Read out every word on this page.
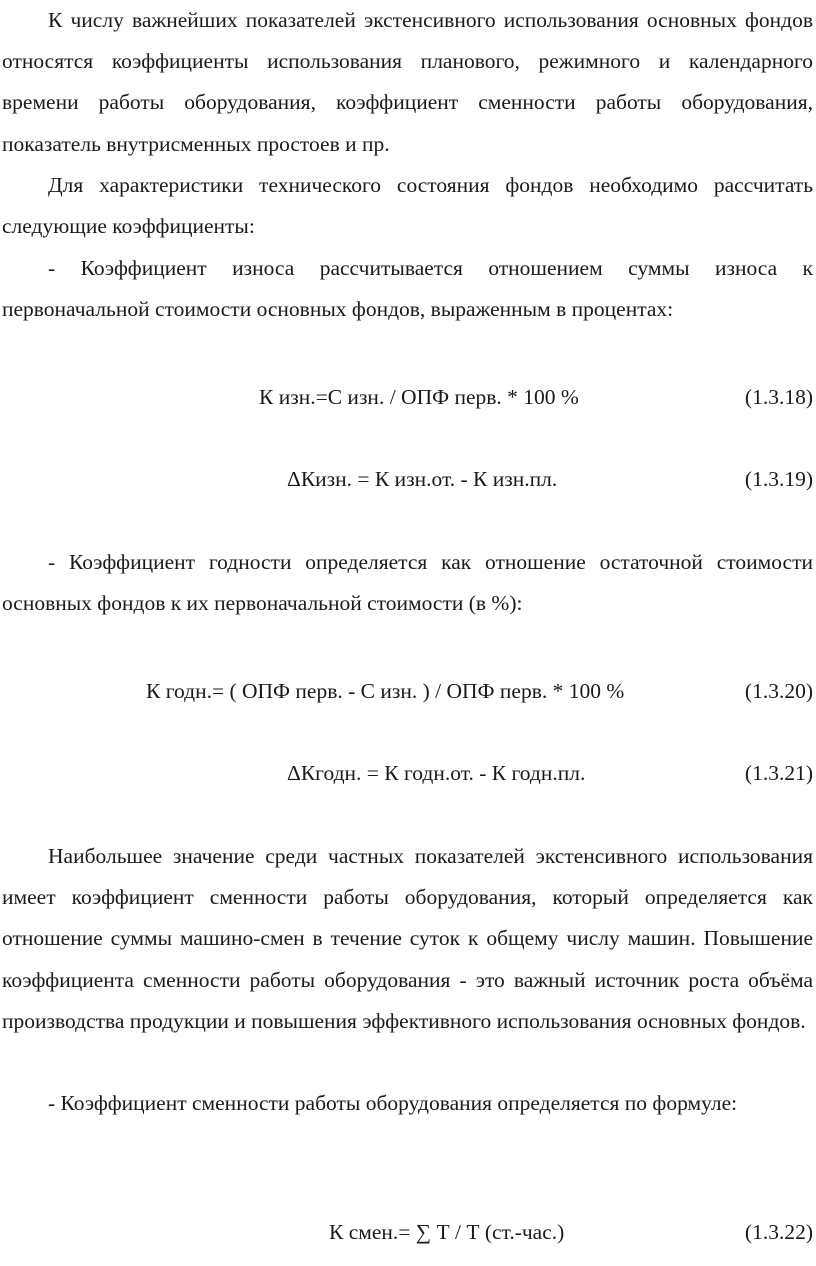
К числу важнейших показателей экстенсивного использования основных фондов относятся коэффициенты использования планового, режимного и календарного времени работы оборудования, коэффициент сменности работы оборудования, показатель внутрисменных простоев и пр.

Для характеристики технического состояния фондов необходимо рассчитать следующие коэффициенты:

- Коэффициент износа рассчитывается отношением суммы износа к первоначальной стоимости основных фондов, выраженным в процентах:

К изн.=С изн. / ОПФ перв. * 100 %	(1.3.18)
ΔКизн. = К изн.от. - К изн.пл.	(1.3.19)

- Коэффициент годности определяется как отношение остаточной стоимости основных фондов к их первоначальной стоимости (в %):

К годн.= ( ОПФ перв. - С изн. ) / ОПФ перв. * 100 %	(1.3.20)
ΔКгодн. = К годн.от. - К годн.пл.	(1.3.21)

Наибольшее значение среди частных показателей экстенсивного использования имеет коэффициент сменности работы оборудования, который определяется как отношение суммы машино-смен в течение суток к общему числу машин. Повышение коэффициента сменности работы оборудования - это важный источник роста объёма производства продукции и повышения эффективного использования основных фондов.

- Коэффициент сменности работы оборудования определяется по формуле:

К смен.= ∑ Т / Т (ст.-час.)	(1.3.22)
